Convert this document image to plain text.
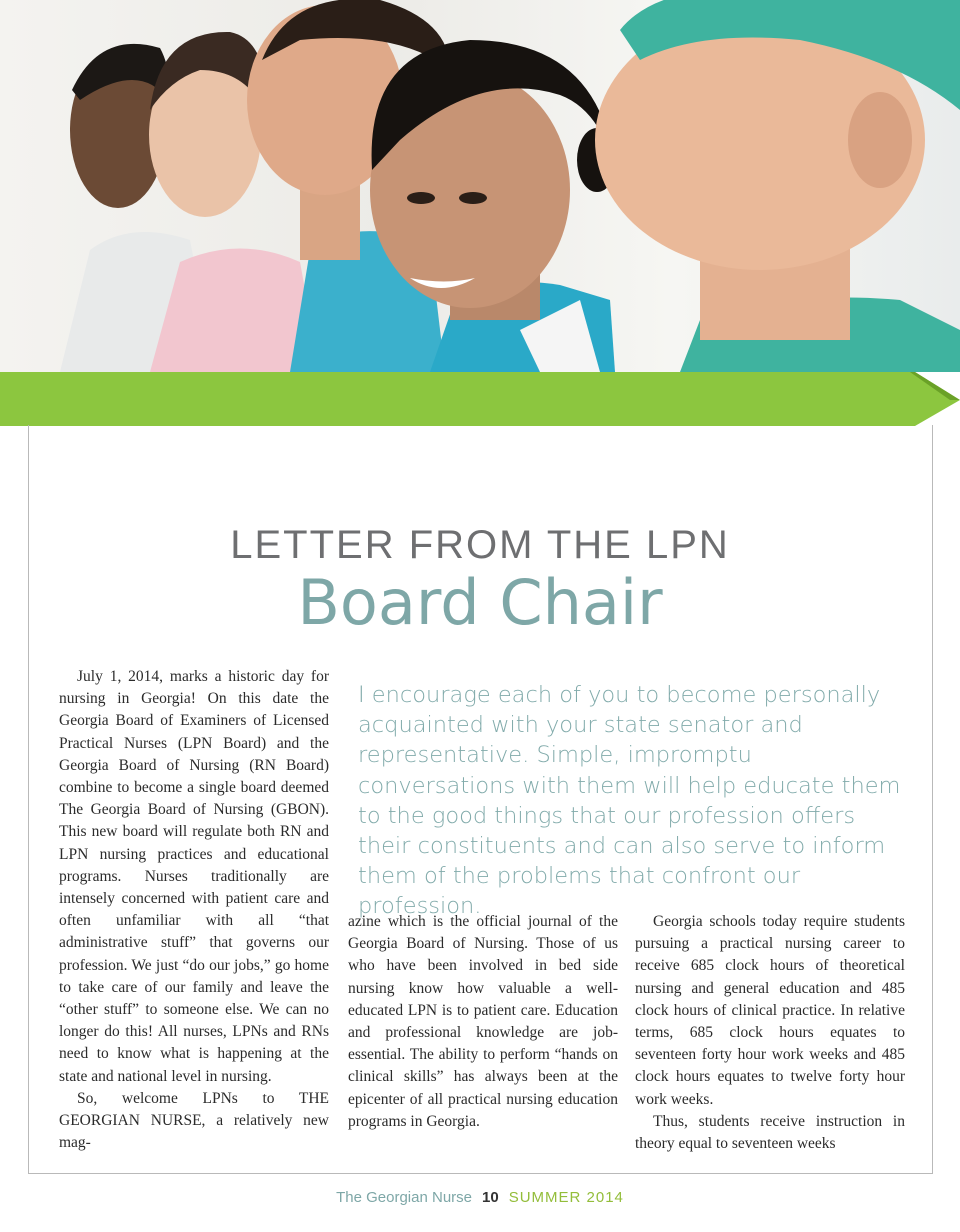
LETTER FROM THE LPN
Board Chair

July 1, 2014, marks a historic day for nursing in Georgia! On this date the Georgia Board of Examiners of Licensed Practical Nurses (LPN Board) and the Georgia Board of Nursing (RN Board) combine to become a single board deemed The Georgia Board of Nursing (GBON). This new board will regulate both RN and LPN nursing practices and educational programs. Nurses traditionally are intensely concerned with patient care and often unfamiliar with all “that administrative stuff” that governs our profession. We just “do our jobs,” go home to take care of our family and leave the “other stuff” to someone else. We can no longer do this! All nurses, LPNs and RNs need to know what is happening at the state and national level in nursing.

So, welcome LPNs to THE GEORGIAN NURSE, a relatively new mag-

I encourage each of you to become personally acquainted with your state senator and representative. Simple, impromptu conversations with them will help educate them to the good things that our profession offers their constituents and can also serve to inform them of the problems that confront our profession.

azine which is the official journal of the Georgia Board of Nursing. Those of us who have been involved in bed side nursing know how valuable a well-educated LPN is to patient care. Education and professional knowledge are job-essential. The ability to perform “hands on clinical skills” has always been at the epicenter of all practical nursing education programs in Georgia.

Georgia schools today require students pursuing a practical nursing career to receive 685 clock hours of theoretical nursing and general education and 485 clock hours of clinical practice. In relative terms, 685 clock hours equates to seventeen forty hour work weeks and 485 clock hours equates to twelve forty hour work weeks.

Thus, students receive instruction in theory equal to seventeen weeks

The Georgian Nurse 10 SUMMER 2014
